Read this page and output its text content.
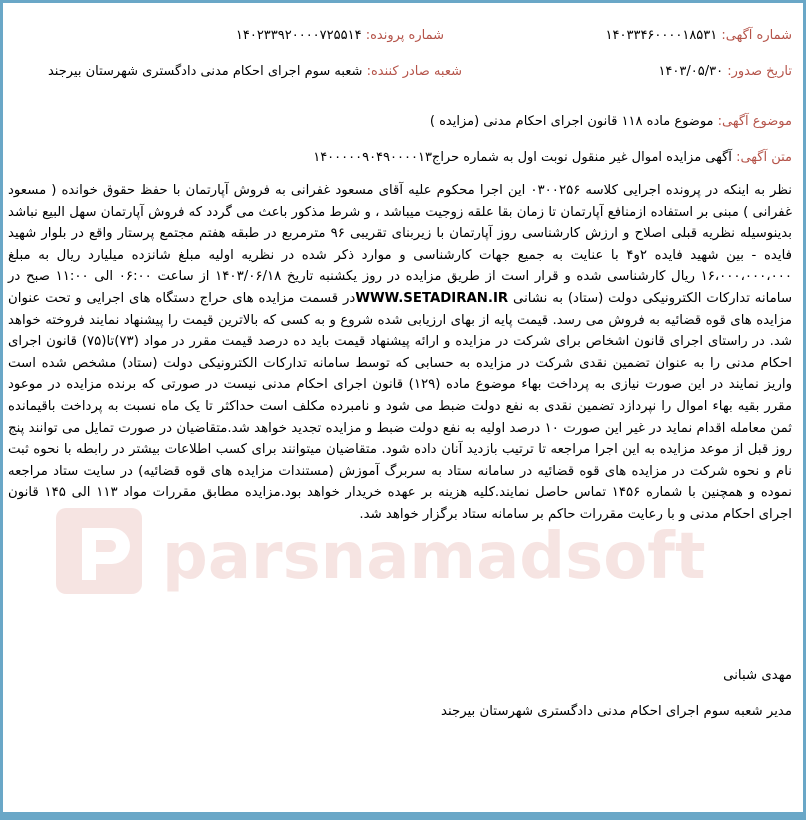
parsnamadsoft
شماره آگهی: ۱۴۰۳۳۴۶۰۰۰۰۱۸۵۳۱
شماره پرونده: ۱۴۰۲۳۳۹۲۰۰۰۰۷۲۵۵۱۴
تاریخ صدور: ۱۴۰۳/۰۵/۳۰
شعبه صادر کننده: شعبه سوم اجرای احکام مدنی دادگستری شهرستان بیرجند
موضوع آگهی: موضوع ماده ۱۱۸ قانون اجرای احکام مدنی (مزایده )
متن آگهی: آگهی مزایده اموال غیر منقول نوبت اول به شماره حراج۱۴۰۰۰۰۰۹۰۴۹۰۰۰۰۱۳
نظر به اینکه در پرونده اجرایی کلاسه ۰۳۰۰۲۵۶ این اجرا محکوم علیه آقای مسعود غفرانی به فروش آپارتمان با حفظ حقوق خوانده ( مسعود غفرانی ) مبنی بر استفاده ازمنافع آپارتمان تا زمان بقا علقه زوجیت میباشد ، و شرط مذکور باعث می گردد که فروش آپارتمان سهل البیع نباشد بدینوسیله نظریه قبلی اصلاح و ارزش کارشناسی روز آپارتمان با زیربنای تقریبی ۹۶ مترمربع در طبقه هفتم مجتمع پرستار واقع در بلوار شهید فایده - بین شهید فایده ۲و۴ با عنایت به جمیع جهات کارشناسی و موارد ذکر شده در نظریه اولیه مبلغ شانزده میلیارد ریال به مبلغ ۱۶،۰۰۰،۰۰۰،۰۰۰ ریال کارشناسی شده و قرار است از طریق مزایده در روز یکشنبه تاریخ ۱۴۰۳/۰۶/۱۸ از ساعت ۰۶:۰۰ الی ۱۱:۰۰ صبح در سامانه تدارکات الکترونیکی دولت (ستاد) به نشانی WWW.SETADIRAN.IRدر قسمت مزایده های حراج دستگاه های اجرایی و تحت عنوان مزایده های قوه قضائیه به فروش می رسد. قیمت پایه از بهای ارزیابی شده شروع و به کسی که بالاترین قیمت را پیشنهاد نمایند فروخته خواهد شد. در راستای اجرای قانون اشخاص برای شرکت در مزایده و ارائه پیشنهاد قیمت باید ده درصد قیمت مقرر در مواد (۷۳)تا(۷۵) قانون اجرای احکام مدنی را به عنوان تضمین نقدی شرکت در مزایده به حسابی که توسط سامانه تدارکات الکترونیکی دولت (ستاد) مشخص شده است واریز نمایند در این صورت نیازی به پرداخت بهاء موضوع ماده (۱۲۹) قانون اجرای احکام مدنی نیست در صورتی که برنده مزایده در موعود مقرر بقیه بهاء اموال را نپردازد تضمین نقدی به نفع دولت ضبط می شود و نامبرده مکلف است حداکثر تا یک ماه نسبت به پرداخت باقیمانده ثمن معامله اقدام نماید در غیر این صورت ۱۰ درصد اولیه به نفع دولت ضبط و مزایده تجدید خواهد شد.متقاضیان در صورت تمایل می توانند پنج روز قبل از موعد مزایده به این اجرا مراجعه تا ترتیب بازدید آنان داده شود. متقاضیان میتوانند برای کسب اطلاعات بیشتر در رابطه با نحوه ثبت نام و نحوه شرکت در مزایده های قوه قضائیه در سامانه ستاد به سربرگ آموزش (مستندات مزایده های قوه قضائیه) در سایت ستاد مراجعه نموده و همچنین با شماره ۱۴۵۶ تماس حاصل نمایند.کلیه هزینه بر عهده خریدار خواهد بود.مزایده مطابق مقررات مواد ۱۱۳ الی ۱۴۵ قانون اجرای احکام مدنی و با رعایت مقررات حاکم بر سامانه ستاد برگزار خواهد شد.
مهدی شبانی
مدیر شعبه سوم اجرای احکام مدنی دادگستری شهرستان بیرجند
